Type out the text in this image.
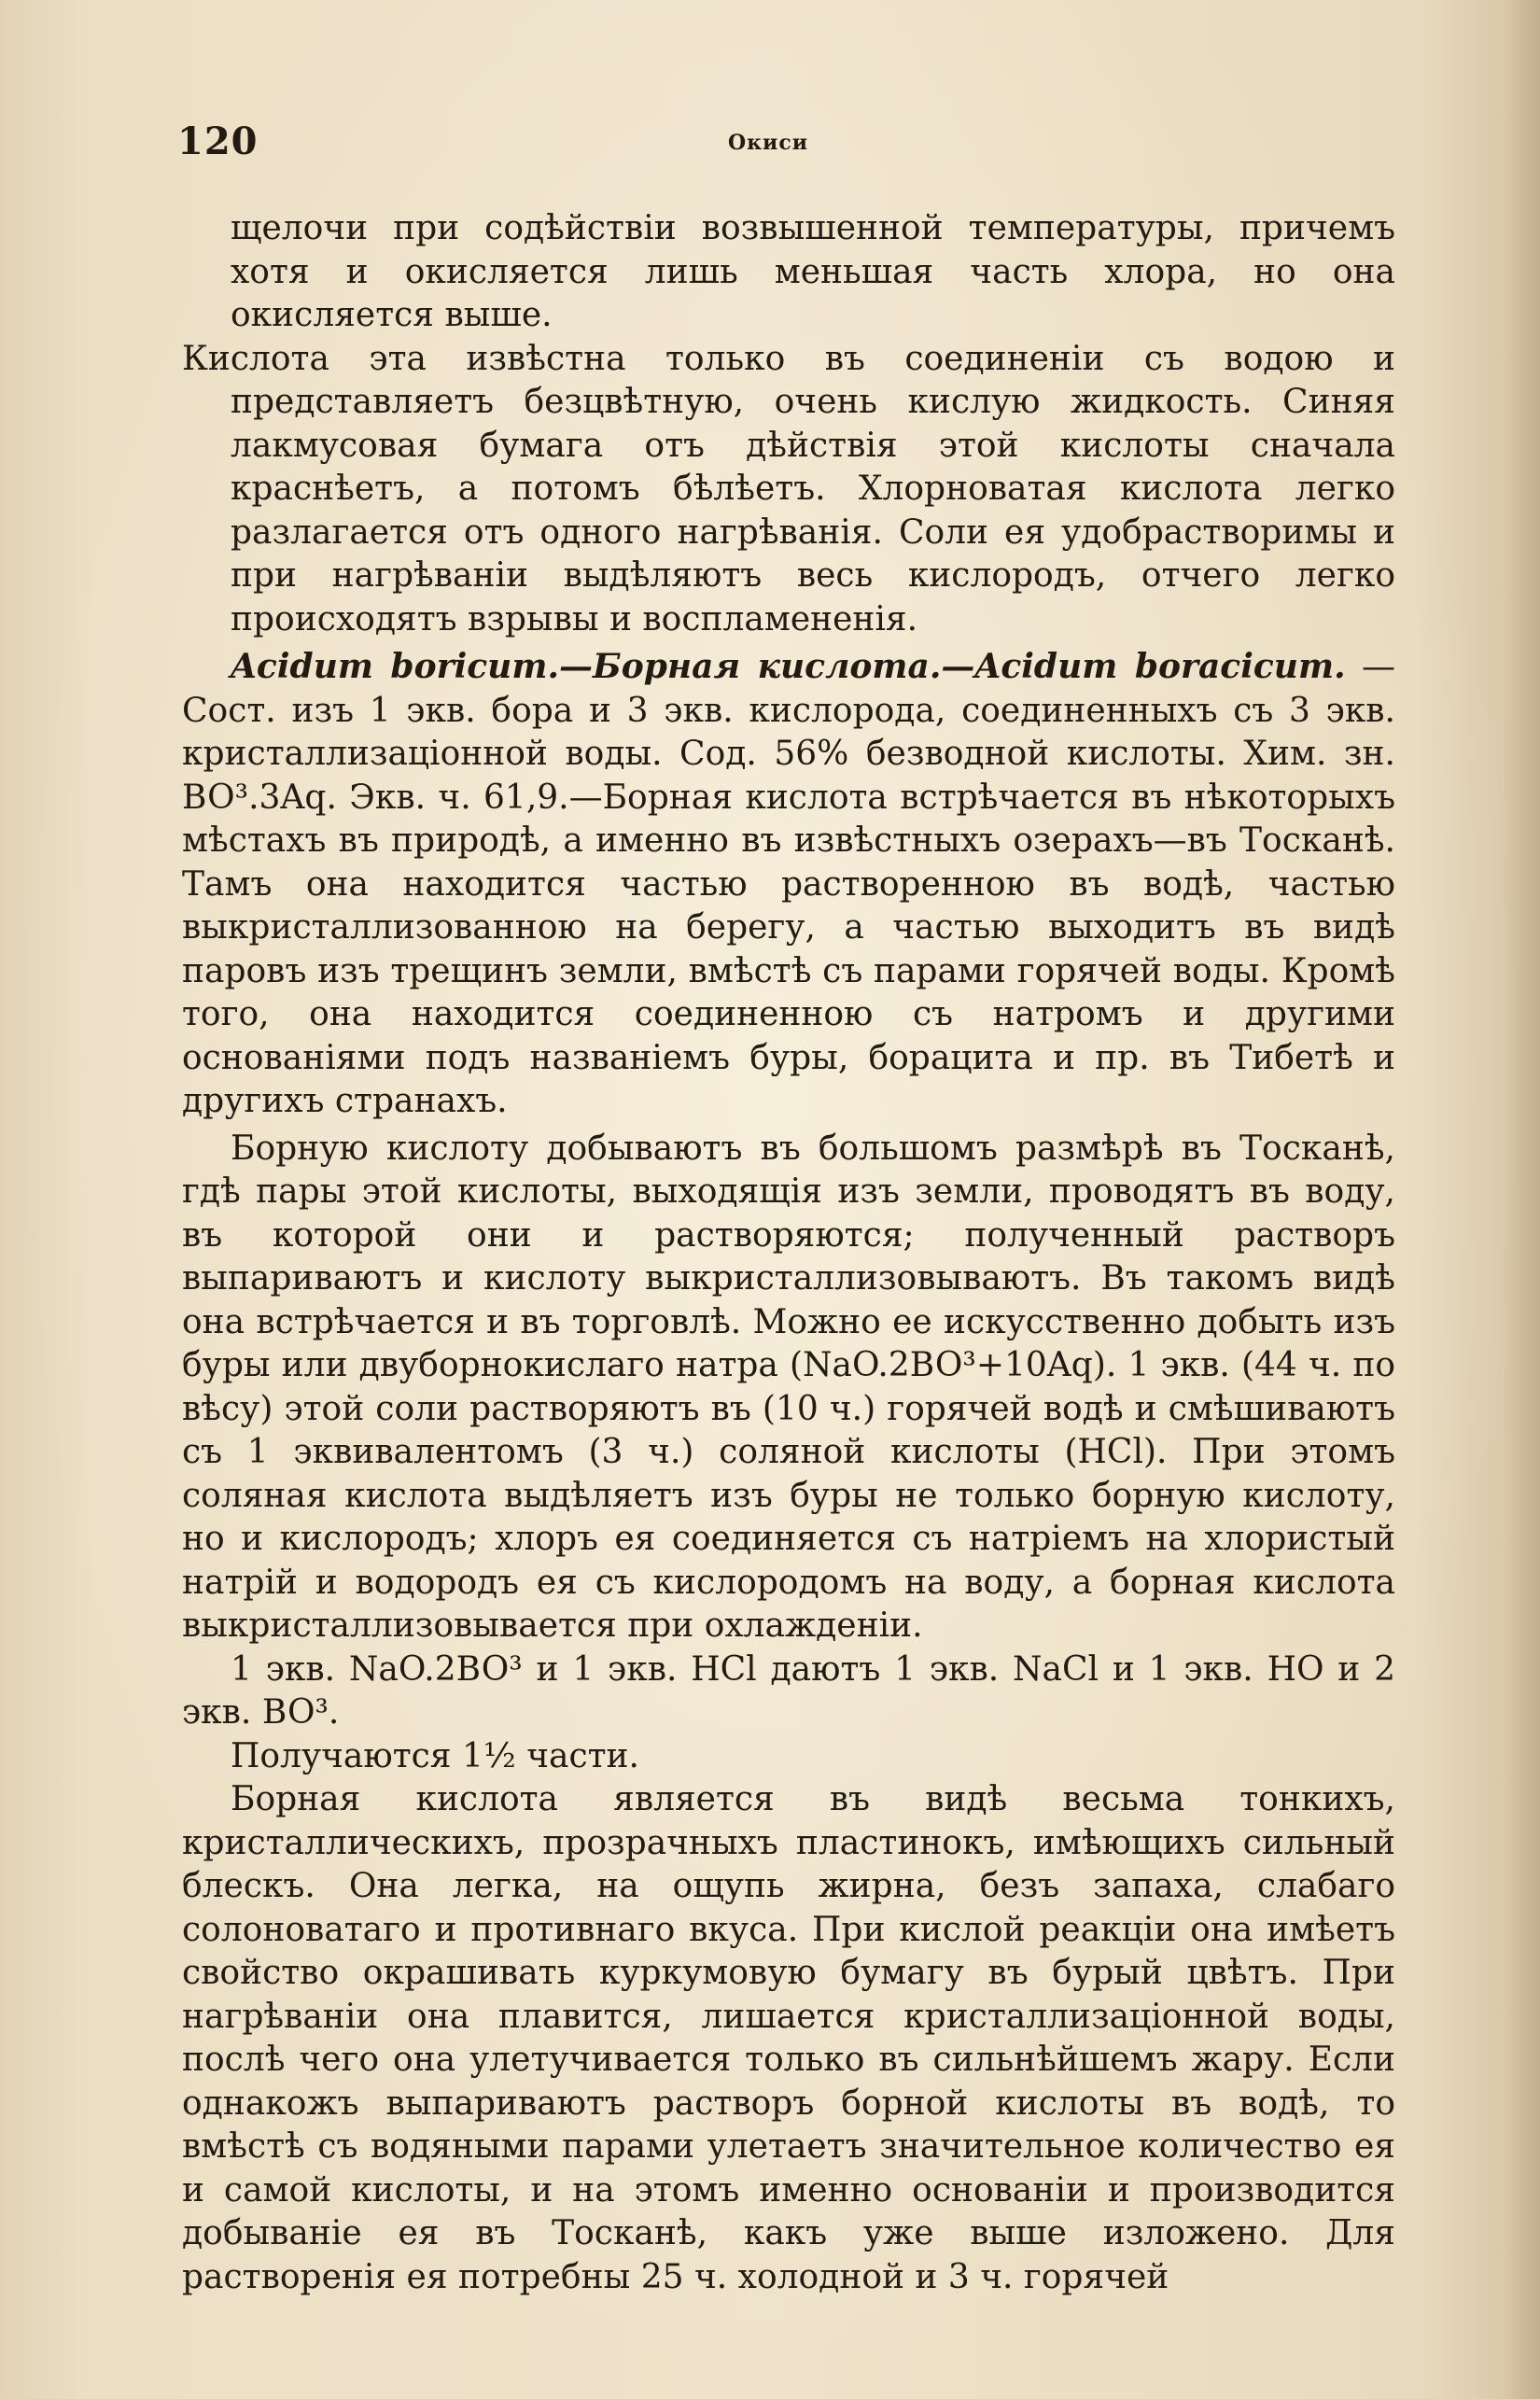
120	Окиси

щелочи при содѣйствiи возвышенной температуры, причемъ хотя и окисляется лишь меньшая часть хлора, но она окисляется выше.

Кислота эта извѣстна только въ соединенiи съ водою и представляетъ безцвѣтную, очень кислую жидкость. Синяя лакмусовая бумага отъ дѣйствiя этой кислоты сначала краснѣетъ, а потомъ бѣлѣетъ. Хлорноватая кислота легко разлагается отъ одного нагрѣванiя. Соли ея удобрастворимы и при нагрѣванiи выдѣляютъ весь кислородъ, отчего легко происходятъ взрывы и воспламененiя.

Acidum boricum.—Борная кислота.—Acidum boracicum. — Сост. изъ 1 экв. бора и 3 экв. кислорода, соединенныхъ съ 3 экв. кристаллизацiонной воды. Сод. 56% безводной кислоты. Хим. зн. BO³.3Aq. Экв. ч. 61,9.—Борная кислота встрѣчается въ нѣкоторыхъ мѣстахъ въ природѣ, а именно въ извѣстныхъ озерахъ—въ Тосканѣ. Тамъ она находится частью растворенною въ водѣ, частью выкристаллизованною на берегу, а частью выходитъ въ видѣ паровъ изъ трещинъ земли, вмѣстѣ съ парами горячей воды. Кромѣ того, она находится соединенною съ натромъ и другими основанiями подъ названiемъ буры, борацита и пр. въ Тибетѣ и другихъ странахъ.

Борную кислоту добываютъ въ большомъ размѣрѣ въ Тосканѣ, гдѣ пары этой кислоты, выходящiя изъ земли, проводятъ въ воду, въ которой они и растворяются; полученный растворъ выпариваютъ и кислоту выкристаллизовываютъ. Въ такомъ видѣ она встрѣчается и въ торговлѣ. Можно ее искусственно добыть изъ буры или двуборнокислаго натра (NaO.2BO³+10Aq). 1 экв. (44 ч. по вѣсу) этой соли растворяютъ въ (10 ч.) горячей водѣ и смѣшиваютъ съ 1 эквивалентомъ (3 ч.) соляной кислоты (HCl). При этомъ соляная кислота выдѣляетъ изъ буры не только борную кислоту, но и кислородъ; хлоръ ея соединяется съ натрiемъ на хлористый натрiй и водородъ ея съ кислородомъ на воду, а борная кислота выкристаллизовывается при охлажденiи.

1 экв. NaO.2BO³ и 1 экв. HCl даютъ 1 экв. NaCl и 1 экв. HO и 2 экв. BO³.

Получаются 1½ части.

Борная кислота является въ видѣ весьма тонкихъ, кристаллическихъ, прозрачныхъ пластинокъ, имѣющихъ сильный блескъ. Она легка, на ощупь жирна, безъ запаха, слабаго солоноватаго и противнаго вкуса. При кислой реакцiи она имѣетъ свойство окрашивать куркумовую бумагу въ бурый цвѣтъ. При нагрѣванiи она плавится, лишается кристаллизацiонной воды, послѣ чего она улетучивается только въ сильнѣйшемъ жару. Если однакожъ выпариваютъ растворъ борной кислоты въ водѣ, то вмѣстѣ съ водяными парами улетаетъ значительное количество ея и самой кислоты, и на этомъ именно основанiи и производится добыванiе ея въ Тосканѣ, какъ уже выше изложено. Для растворенiя ея потребны 25 ч. холодной и 3 ч. горячей
